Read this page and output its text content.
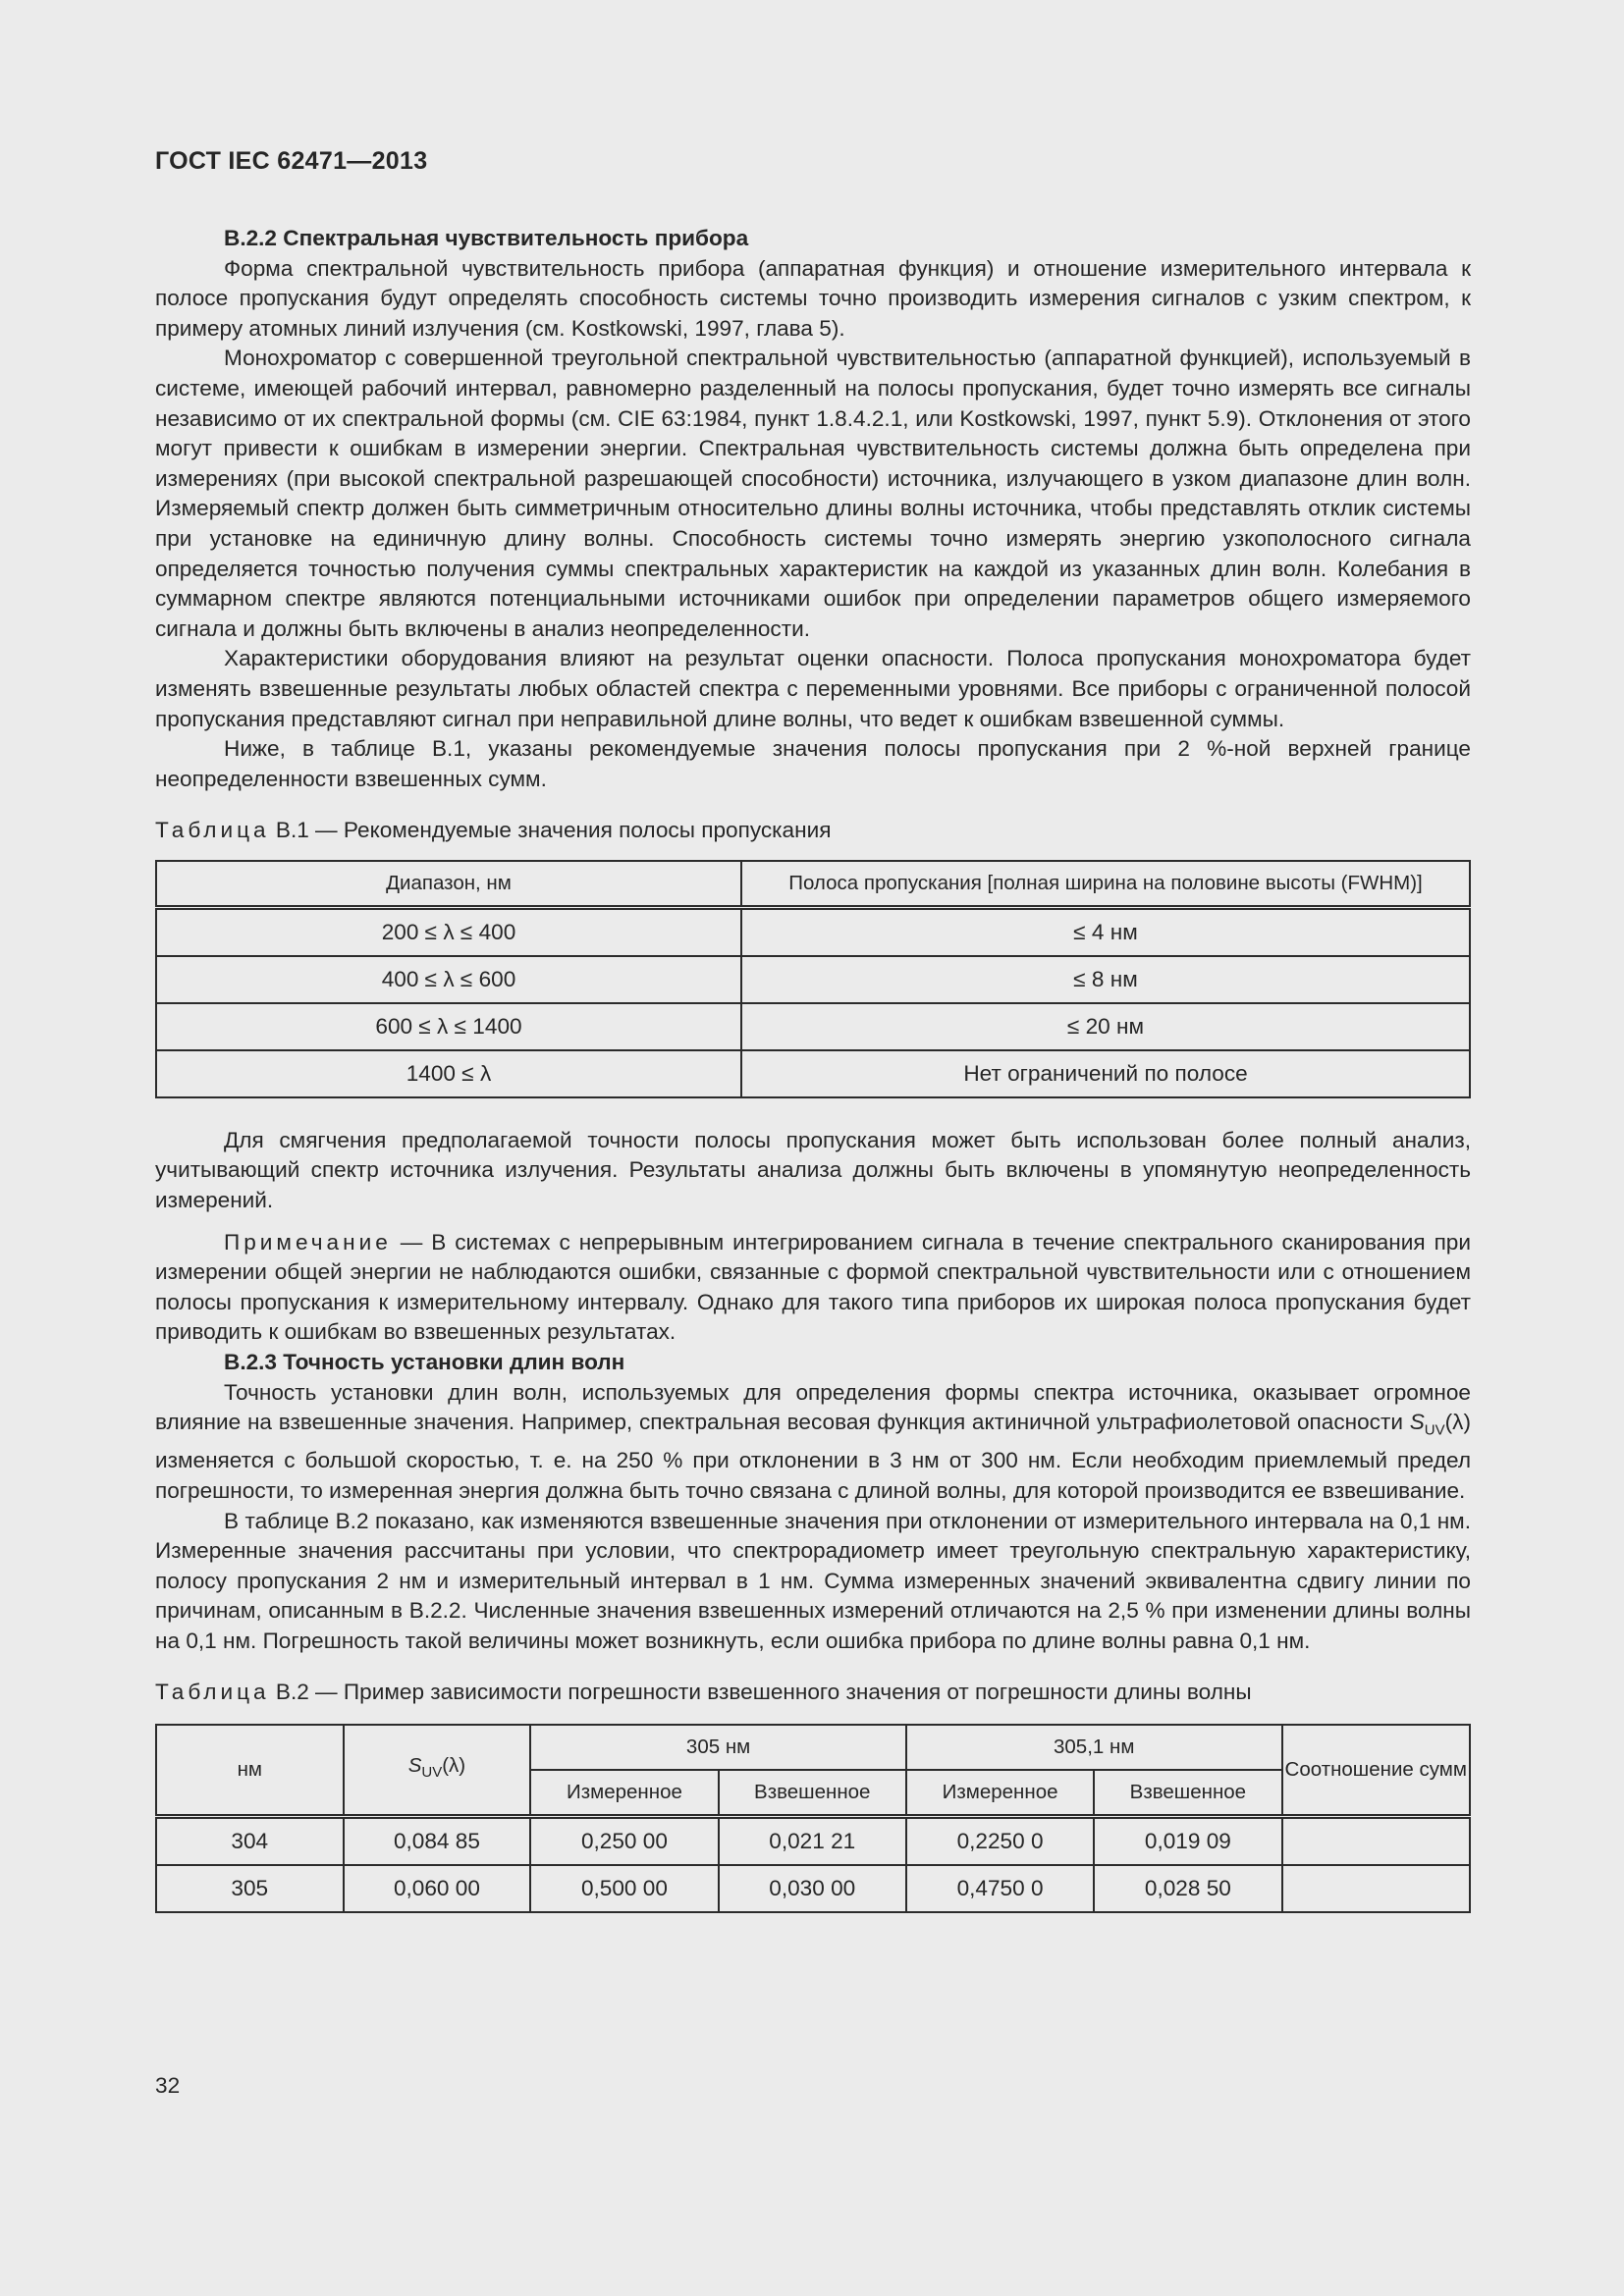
ГОСТ IEC 62471—2013
В.2.2 Спектральная чувствительность прибора

Форма спектральной чувствительность прибора (аппаратная функция) и отношение измерительного интервала к полосе пропускания будут определять способность системы точно производить измерения сигналов с узким спектром, к примеру атомных линий излучения (см. Kostkowski, 1997, глава 5).

Монохроматор с совершенной треугольной спектральной чувствительностью (аппаратной функцией), используемый в системе, имеющей рабочий интервал, равномерно разделенный на полосы пропускания, будет точно измерять все сигналы независимо от их спектральной формы (см. CIE 63:1984, пункт 1.8.4.2.1, или Kostkowski, 1997, пункт 5.9). Отклонения от этого могут привести к ошибкам в измерении энергии. Спектральная чувствительность системы должна быть определена при измерениях (при высокой спектральной разрешающей способности) источника, излучающего в узком диапазоне длин волн. Измеряемый спектр должен быть симметричным относительно длины волны источника, чтобы представлять отклик системы при установке на единичную длину волны. Способность системы точно измерять энергию узкополосного сигнала определяется точностью получения суммы спектральных характеристик на каждой из указанных длин волн. Колебания в суммарном спектре являются потенциальными источниками ошибок при определении параметров общего измеряемого сигнала и должны быть включены в анализ неопределенности.

Характеристики оборудования влияют на результат оценки опасности. Полоса пропускания монохроматора будет изменять взвешенные результаты любых областей спектра с переменными уровнями. Все приборы с ограниченной полосой пропускания представляют сигнал при неправильной длине волны, что ведет к ошибкам взвешенной суммы.

Ниже, в таблице В.1, указаны рекомендуемые значения полосы пропускания при 2 %-ной верхней границе неопределенности взвешенных сумм.

Таблица В.1 — Рекомендуемые значения полосы пропускания
Диапазон, нм	Полоса пропускания [полная ширина на половине высоты (FWHM)]
200 ≤ λ ≤ 400	≤ 4 нм
400 ≤ λ ≤ 600	≤ 8 нм
600 ≤ λ ≤ 1400	≤ 20 нм
1400 ≤ λ	Нет ограничений по полосе

Для смягчения предполагаемой точности полосы пропускания может быть использован более полный анализ, учитывающий спектр источника излучения. Результаты анализа должны быть включены в упомянутую неопределенность измерений.

Примечание — В системах с непрерывным интегрированием сигнала в течение спектрального сканирования при измерении общей энергии не наблюдаются ошибки, связанные с формой спектральной чувствительности или с отношением полосы пропускания к измерительному интервалу. Однако для такого типа приборов их широкая полоса пропускания будет приводить к ошибкам во взвешенных результатах.

В.2.3 Точность установки длин волн

Точность установки длин волн, используемых для определения формы спектра источника, оказывает огромное влияние на взвешенные значения. Например, спектральная весовая функция актиничной ультрафиолетовой опасности $S_{UV}(\lambda)$ изменяется с большой скоростью, т. е. на 250 % при отклонении в 3 нм от 300 нм. Если необходим приемлемый предел погрешности, то измеренная энергия должна быть точно связана с длиной волны, для которой производится ее взвешивание.

В таблице В.2 показано, как изменяются взвешенные значения при отклонении от измерительного интервала на 0,1 нм. Измеренные значения рассчитаны при условии, что спектрорадиометр имеет треугольную спектральную характеристику, полосу пропускания 2 нм и измерительный интервал в 1 нм. Сумма измеренных значений эквивалентна сдвигу линии по причинам, описанным в В.2.2. Численные значения взвешенных измерений отличаются на 2,5 % при изменении длины волны на 0,1 нм. Погрешность такой величины может возникнуть, если ошибка прибора по длине волны равна 0,1 нм.

Таблица В.2 — Пример зависимости погрешности взвешенного значения от погрешности длины волны
нм	$S_{UV}(\lambda)$	305 нм		305,1 нм		Соотношение сумм
		Измеренное	Взвешенное	Измеренное	Взвешенное	
304	0,084 85	0,250 00	0,021 21	0,2250 0	0,019 09	
305	0,060 00	0,500 00	0,030 00	0,4750 0	0,028 50	
32
